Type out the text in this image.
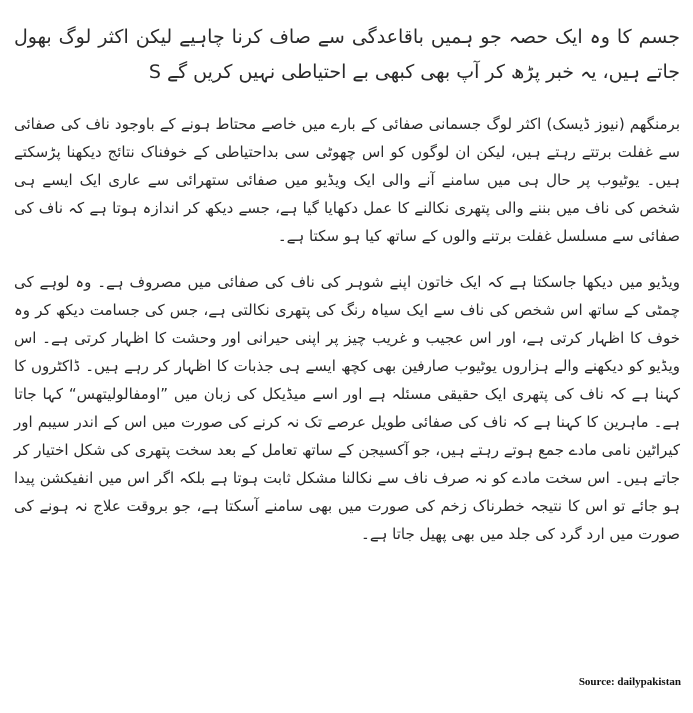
جسم کا وہ ایک حصہ جو ہمیں باقاعدگی سے صاف کرنا چاہیے لیکن اکثر لوگ بھول جاتے ہیں، یہ خبر پڑھ کر آپ بھی کبھی بے احتیاطی نہیں کریں گے S

برمنگھم (نیوز ڈیسک) اکثر لوگ جسمانی صفائی کے بارے میں خاصے محتاط ہونے کے باوجود ناف کی صفائی سے غفلت برتتے رہتے ہیں، لیکن ان لوگوں کو اس چھوٹی سی بداحتیاطی کے خوفناک نتائج دیکھنا پڑسکتے ہیں۔ یوٹیوب پر حال ہی میں سامنے آنے والی ایک ویڈیو میں صفائی ستھرائی سے عاری ایک ایسے ہی شخص کی ناف میں بننے والی پتھری نکالنے کا عمل دکھایا گیا ہے، جسے دیکھ کر اندازہ ہوتا ہے کہ ناف کی صفائی سے مسلسل غفلت برتنے والوں کے ساتھ کیا ہو سکتا ہے۔

ویڈیو میں دیکھا جاسکتا ہے کہ ایک خاتون اپنے شوہر کی ناف کی صفائی میں مصروف ہے۔ وہ لوہے کی چمٹی کے ساتھ اس شخص کی ناف سے ایک سیاہ رنگ کی پتھری نکالتی ہے، جس کی جسامت دیکھ کر وہ خوف کا اظہار کرتی ہے، اور اس عجیب و غریب چیز پر اپنی حیرانی اور وحشت کا اظہار کرتی ہے۔ اس ویڈیو کو دیکھنے والے ہزاروں یوٹیوب صارفین بھی کچھ ایسے ہی جذبات کا اظہار کر رہے ہیں۔ ڈاکٹروں کا کہنا ہے کہ ناف کی پتھری ایک حقیقی مسئلہ ہے اور اسے میڈیکل کی زبان میں ”اومفالولیتھس“ کہا جاتا ہے۔ ماہرین کا کہنا ہے کہ ناف کی صفائی طویل عرصے تک نہ کرنے کی صورت میں اس کے اندر سیبم اور کیراٹین نامی مادے جمع ہوتے رہتے ہیں، جو آکسیجن کے ساتھ تعامل کے بعد سخت پتھری کی شکل اختیار کر جاتے ہیں۔ اس سخت مادے کو نہ صرف ناف سے نکالنا مشکل ثابت ہوتا ہے بلکہ اگر اس میں انفیکشن پیدا ہو جائے تو اس کا نتیجہ خطرناک زخم کی صورت میں بھی سامنے آسکتا ہے، جو بروقت علاج نہ ہونے کی صورت میں ارد گرد کی جلد میں بھی پھیل جاتا ہے۔

Source: dailypakistan
